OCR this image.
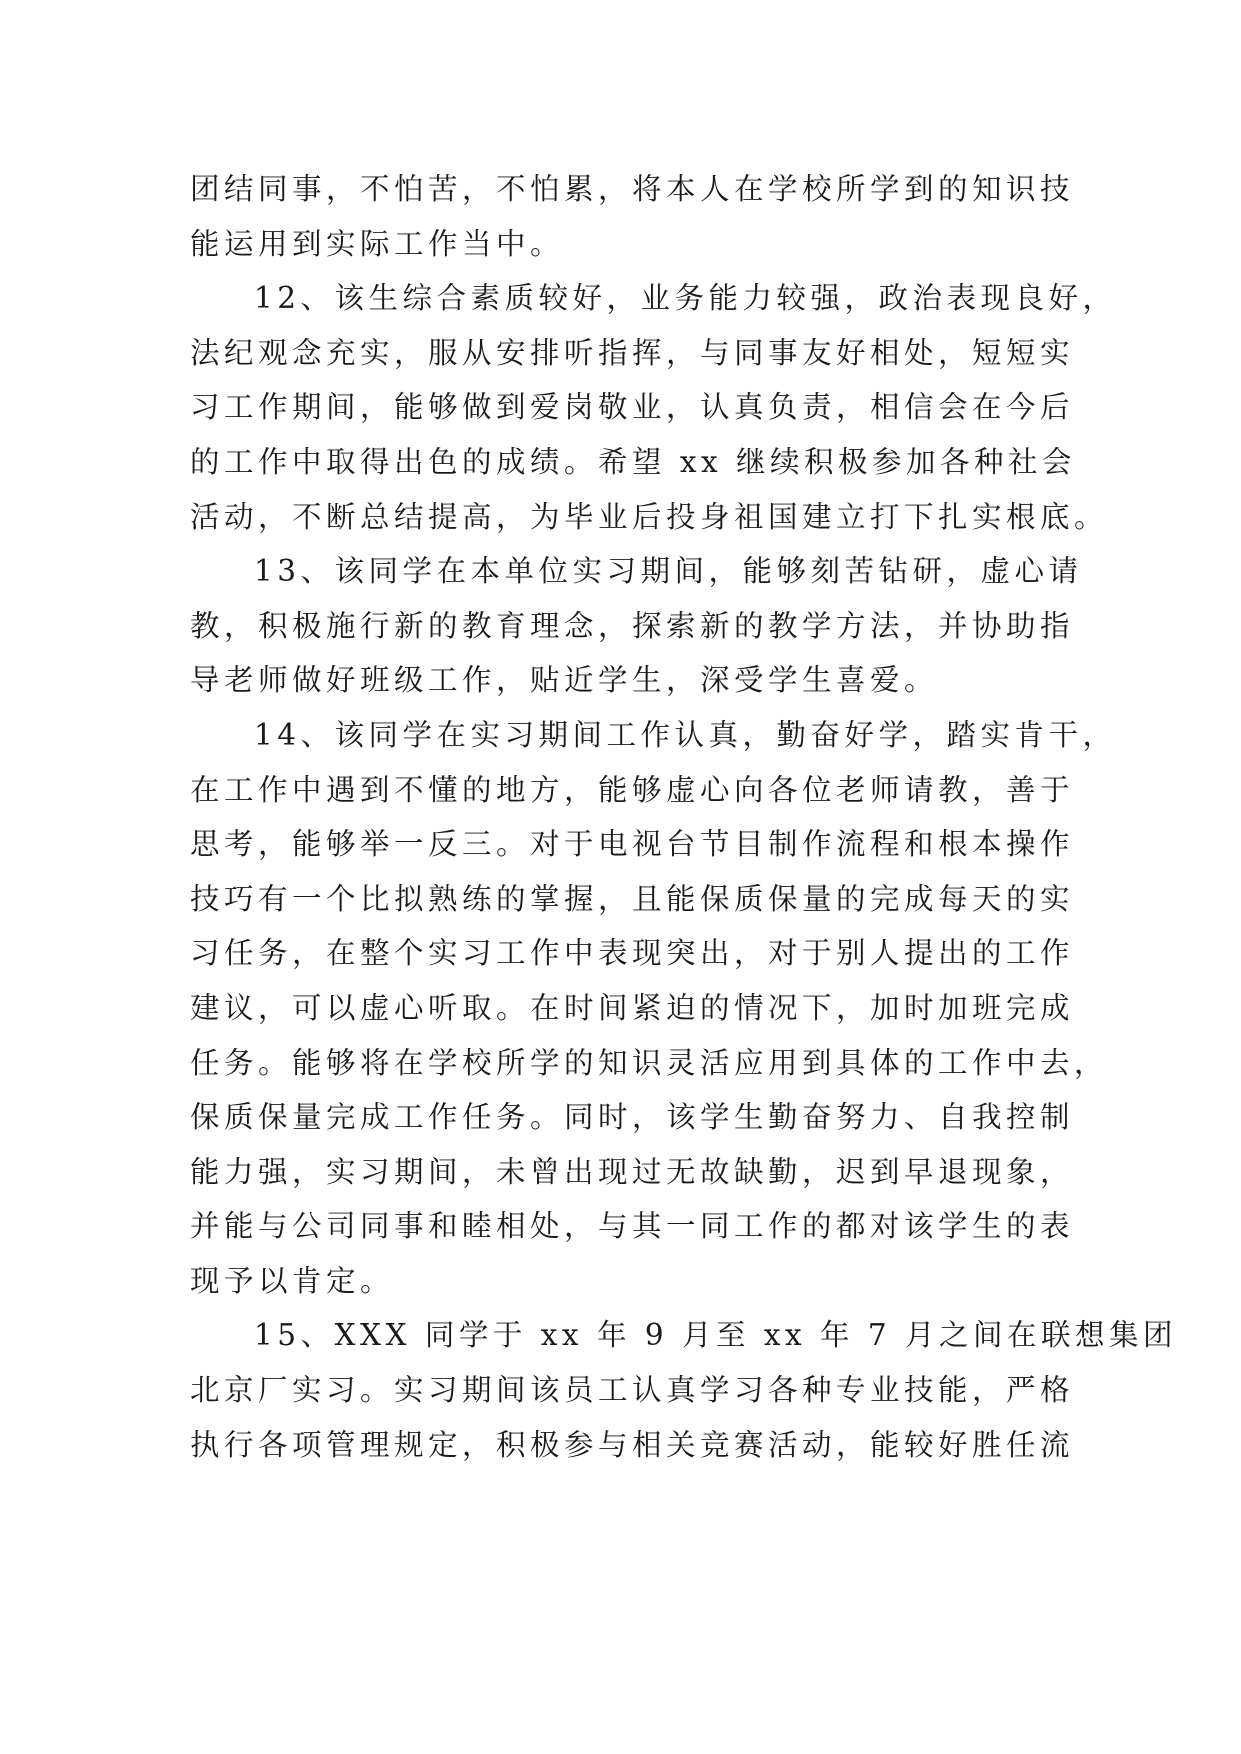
团结同事，不怕苦，不怕累，将本人在学校所学到的知识技
能运用到实际工作当中。
12、该生综合素质较好，业务能力较强，政治表现良好，
法纪观念充实，服从安排听指挥，与同事友好相处，短短实
习工作期间，能够做到爱岗敬业，认真负责，相信会在今后
的工作中取得出色的成绩。希望 xx 继续积极参加各种社会
活动，不断总结提高，为毕业后投身祖国建立打下扎实根底。
13、该同学在本单位实习期间，能够刻苦钻研，虚心请
教，积极施行新的教育理念，探索新的教学方法，并协助指
导老师做好班级工作，贴近学生，深受学生喜爱。
14、该同学在实习期间工作认真，勤奋好学，踏实肯干，
在工作中遇到不懂的地方，能够虚心向各位老师请教，善于
思考，能够举一反三。对于电视台节目制作流程和根本操作
技巧有一个比拟熟练的掌握，且能保质保量的完成每天的实
习任务，在整个实习工作中表现突出，对于别人提出的工作
建议，可以虚心听取。在时间紧迫的情况下，加时加班完成
任务。能够将在学校所学的知识灵活应用到具体的工作中去，
保质保量完成工作任务。同时，该学生勤奋努力、自我控制
能力强，实习期间，未曾出现过无故缺勤，迟到早退现象，
并能与公司同事和睦相处，与其一同工作的都对该学生的表
现予以肯定。
15、XXX 同学于 xx 年 9 月至 xx 年 7 月之间在联想集团
北京厂实习。实习期间该员工认真学习各种专业技能，严格
执行各项管理规定，积极参与相关竞赛活动，能较好胜任流
